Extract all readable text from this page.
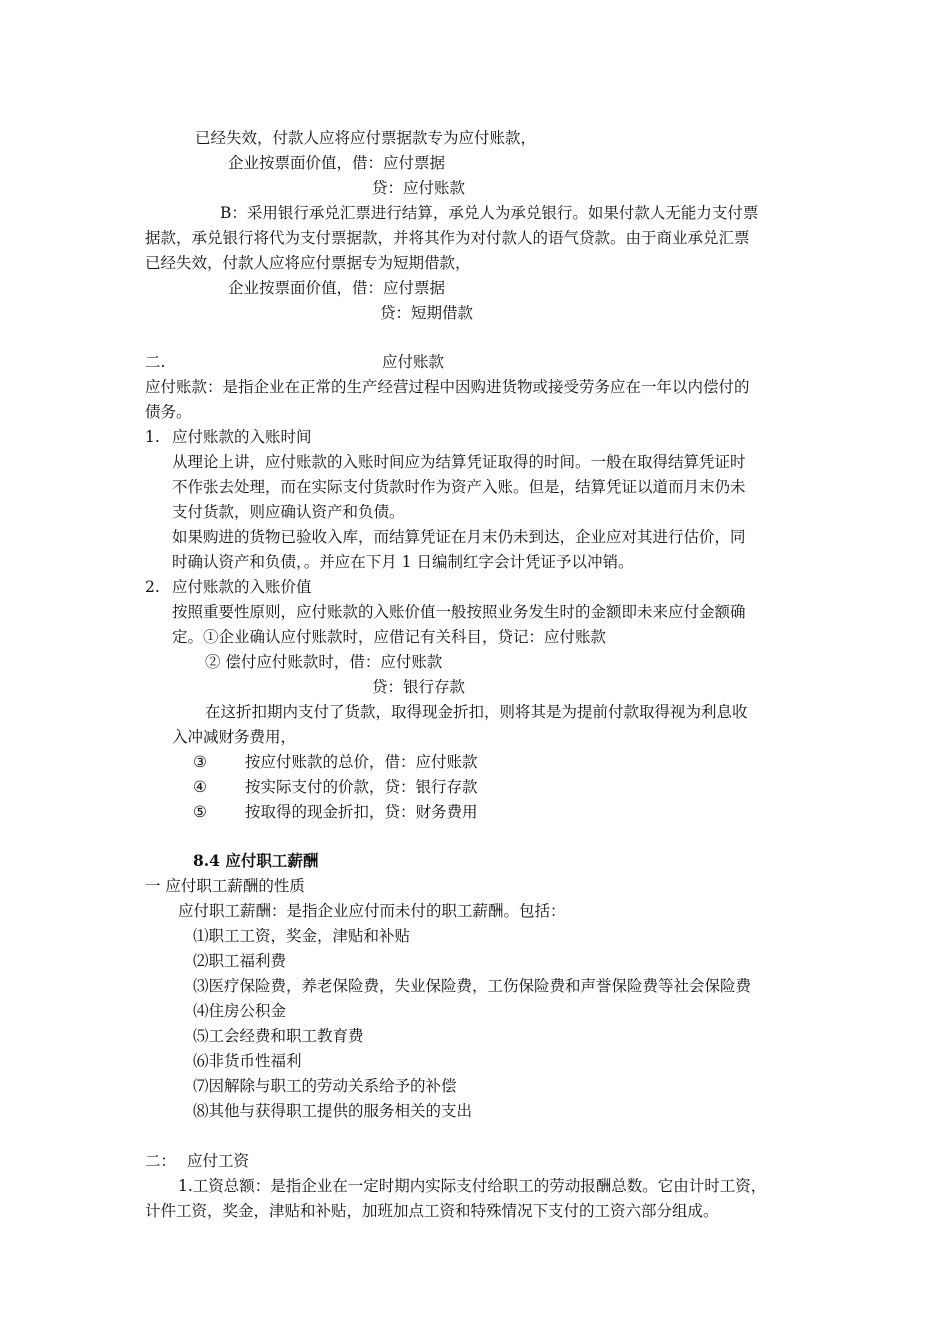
已经失效，付款人应将应付票据款专为应付账款，
企业按票面价值，借：应付票据
贷：应付账款
B：采用银行承兑汇票进行结算，承兑人为承兑银行。如果付款人无能力支付票
据款，承兑银行将代为支付票据款，并将其作为对付款人的语气贷款。由于商业承兑汇票
已经失效，付款人应将应付票据专为短期借款，
企业按票面价值，借：应付票据
贷：短期借款
二.	应付账款
应付账款：是指企业在正常的生产经营过程中因购进货物或接受劳务应在一年以内偿付的
债务。
1. 应付账款的入账时间
从理论上讲，应付账款的入账时间应为结算凭证取得的时间。一般在取得结算凭证时
不作张去处理，而在实际支付货款时作为资产入账。但是，结算凭证以道而月末仍未
支付货款，则应确认资产和负债。
如果购进的货物已验收入库，而结算凭证在月末仍未到达，企业应对其进行估价，同
时确认资产和负债，。并应在下月 1 日编制红字会计凭证予以冲销。
2. 应付账款的入账价值
按照重要性原则，应付账款的入账价值一般按照业务发生时的金额即未来应付金额确
定。①企业确认应付账款时，应借记有关科目，贷记：应付账款
② 偿付应付账款时，借：应付账款
贷：银行存款
在这折扣期内支付了货款，取得现金折扣，则将其是为提前付款取得视为利息收
入冲减财务费用，
③ 按应付账款的总价，借：应付账款
④ 按实际支付的价款，贷：银行存款
⑤ 按取得的现金折扣，贷：财务费用
8.4 应付职工薪酬
一 应付职工薪酬的性质
应付职工薪酬：是指企业应付而未付的职工薪酬。包括：
⑴职工工资，奖金，津贴和补贴
⑵职工福利费
⑶医疗保险费，养老保险费，失业保险费，工伤保险费和声誉保险费等社会保险费
⑷住房公积金
⑸工会经费和职工教育费
⑹非货币性福利
⑺因解除与职工的劳动关系给予的补偿
⑻其他与获得职工提供的服务相关的支出
二： 应付工资
1.工资总额：是指企业在一定时期内实际支付给职工的劳动报酬总数。它由计时工资，
计件工资，奖金，津贴和补贴，加班加点工资和特殊情况下支付的工资六部分组成。
